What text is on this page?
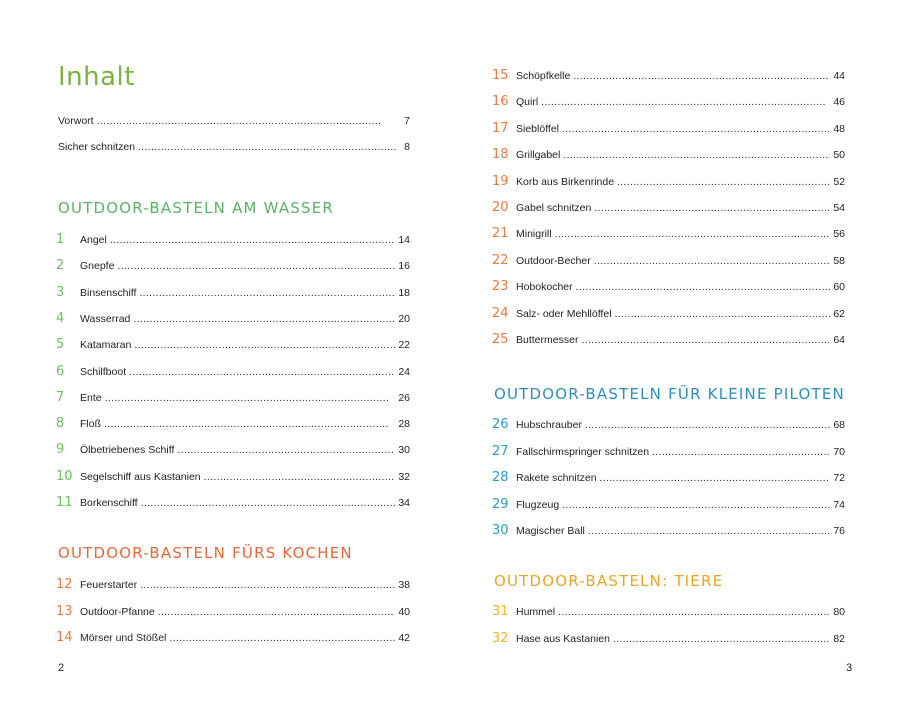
Inhalt
Vorwort . . .	7
Sicher schnitzen . . .	8
OUTDOOR-BASTELN AM WASSER
1	Angel . . .	14
2	Gnepfe . . .	16
3	Binsenschiff . . .	18
4	Wasserrad . . .	20
5	Katamaran . . .	22
6	Schilfboot . . .	24
7	Ente . . .	26
8	Floß . . .	28
9	Ölbetriebenes Schiff . . .	30
10 Segelschiff aus Kastanien . . .	32
11 Borkenschiff . . .	34
OUTDOOR-BASTELN FÜRS KOCHEN
12 Feuerstarter . . .	38
13 Outdoor-Pfanne . . .	40
14 Mörser und Stößel . . .	42
2
15 Schöpfkelle . . .	44
16 Quirl . . .	46
17 Sieblöffel . . .	48
18 Grillgabel . . .	50
19 Korb aus Birkenrinde . . .	52
20 Gabel schnitzen . . .	54
21 Minigrill . . .	56
22 Outdoor-Becher . . .	58
23 Hobokocher . . .	60
24 Salz- oder Mehllöffel . . .	62
25 Buttermesser . . .	64
OUTDOOR-BASTELN FÜR KLEINE PILOTEN
26 Hubschrauber . . .	68
27 Fallschirmspringer schnitzen . . .	70
28 Rakete schnitzen . . .	72
29 Flugzeug . . .	74
30 Magischer Ball . . .	76
OUTDOOR-BASTELN: TIERE
31 Hummel . . .	80
32 Hase aus Kastanien . . .	82
3
